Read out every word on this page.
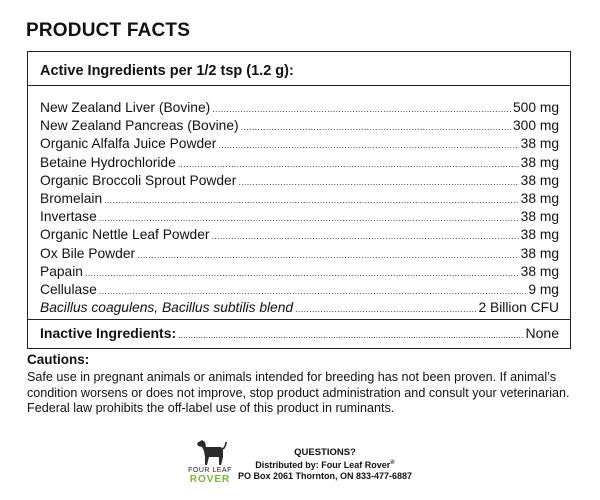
PRODUCT FACTS
Active Ingredients per 1/2 tsp (1.2 g):
New Zealand Liver (Bovine) .....	500 mg
New Zealand Pancreas (Bovine) .....	300 mg
Organic Alfalfa Juice Powder .....	38 mg
Betaine Hydrochloride .....	38 mg
Organic Broccoli Sprout Powder .....	38 mg
Bromelain .....	38 mg
Invertase .....	38 mg
Organic Nettle Leaf Powder .....	38 mg
Ox Bile Powder .....	38 mg
Papain .....	38 mg
Cellulase .....	9 mg
Bacillus coagulens, Bacillus subtilis blend .....	2 Billion CFU
Inactive Ingredients: .....	None
Cautions:

Safe use in pregnant animals or animals intended for breeding has not been proven. If animal’s condition worsens or does not improve, stop product administration and consult your veterinarian. Federal law prohibits the off-label use of this product in ruminants.

FOUR LEAF
ROVER
QUESTIONS?
Distributed by: Four Leaf Rover®
PO Box 2061 Thornton, ON 833-477-6887
